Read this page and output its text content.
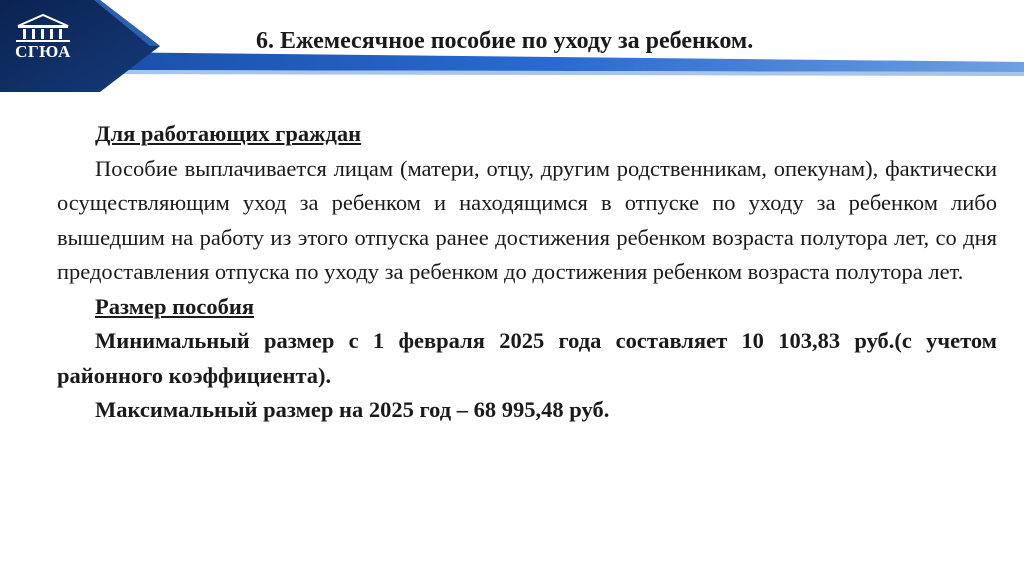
СГЮА	6. Ежемесячное пособие по уходу за ребенком.

Для работающих граждан

Пособие выплачивается лицам (матери, отцу, другим родственникам, опекунам), фактически осуществляющим уход за ребенком и находящимся в отпуске по уходу за ребенком либо вышедшим на работу из этого отпуска ранее достижения ребенком возраста полутора лет, со дня предоставления отпуска по уходу за ребенком до достижения ребенком возраста полутора лет.

Размер пособия

Минимальный размер с 1 февраля 2025 года составляет 10 103,83 руб.(с учетом районного коэффициента).

Максимальный размер на 2025 год – 68 995,48 руб.
